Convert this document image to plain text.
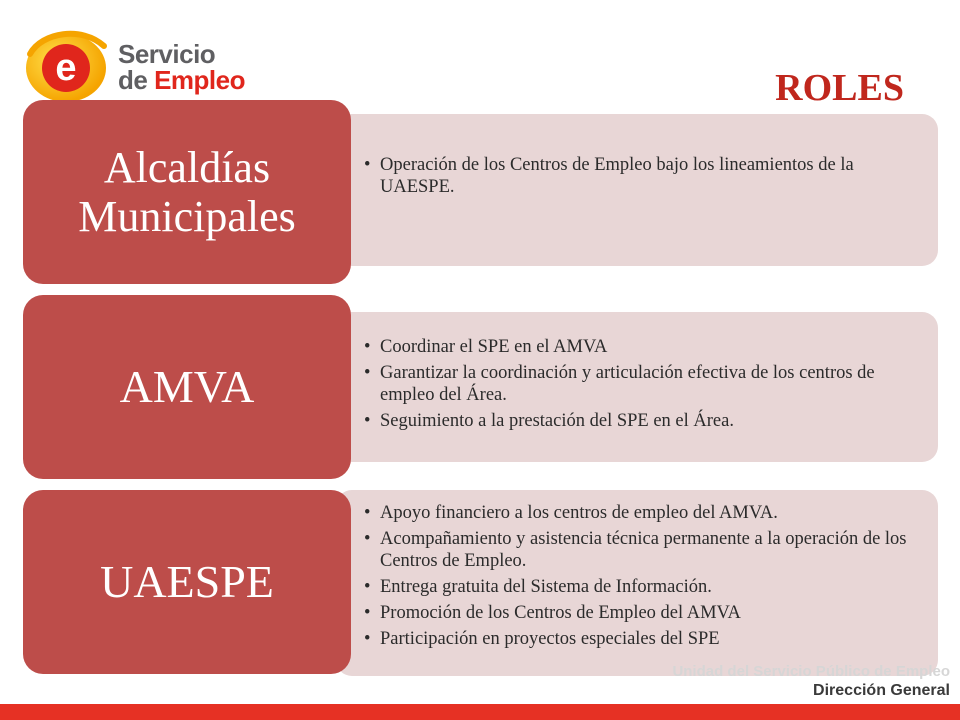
e Servicio
de Empleo	ROLES
• Operación de los Centros de Empleo bajo los lineamientos de la UAESPE.
Alcaldías Municipales
• Coordinar el SPE en el AMVA
• Garantizar la coordinación y articulación efectiva de los centros de empleo del Área.
• Seguimiento a la prestación del SPE en el Área.
AMVA
• Apoyo financiero a los centros de empleo del AMVA.
• Acompañamiento y asistencia técnica permanente a la operación de los Centros de Empleo.
• Entrega gratuita del Sistema de Información.
• Promoción de los Centros de Empleo del AMVA
• Participación en proyectos especiales del SPE
UAESPE
Unidad del Servicio Público de Empleo
Dirección General
